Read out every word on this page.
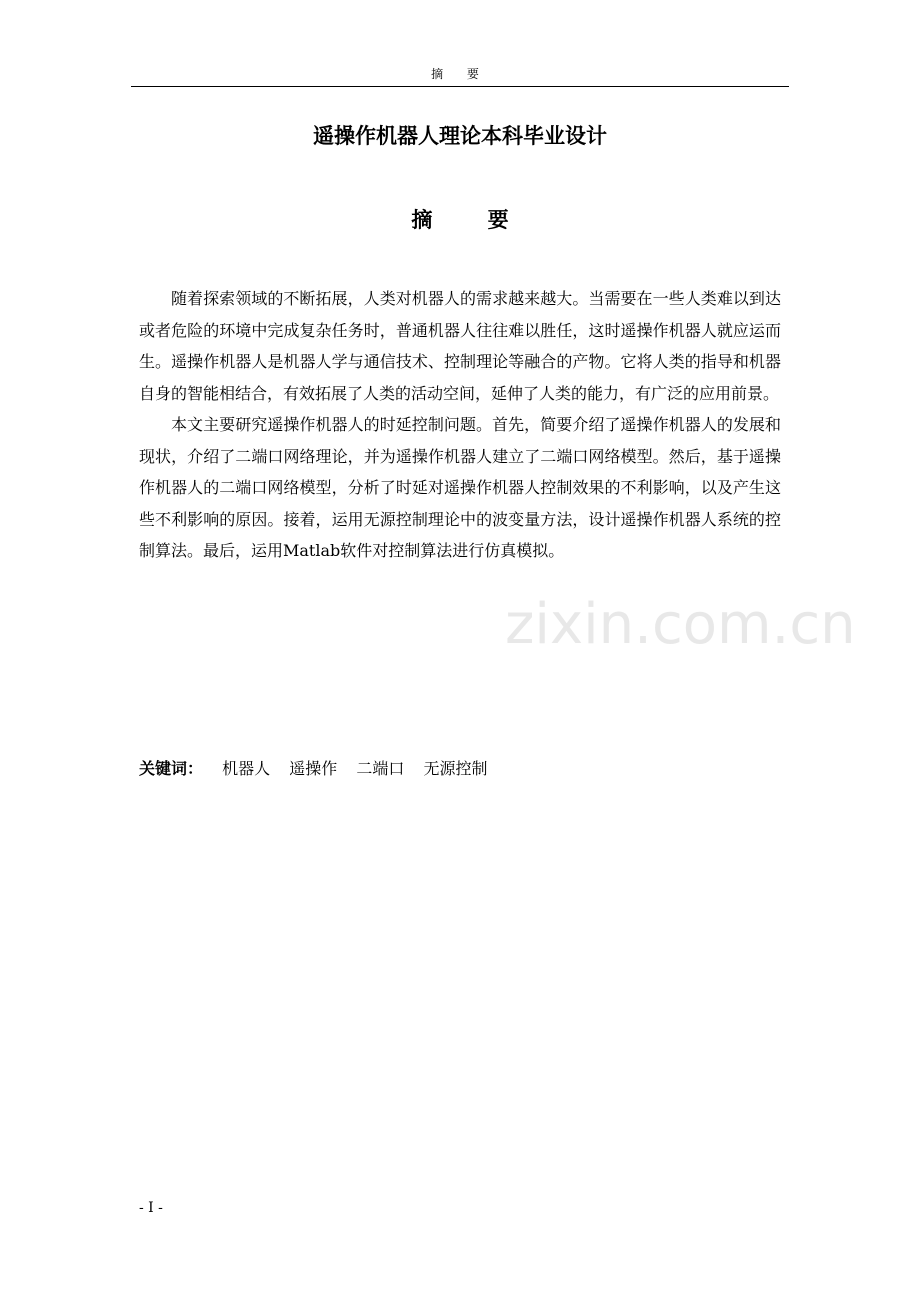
摘 要
遥操作机器人理论本科毕业设计
摘 要
zixin.com.cn

随着探索领域的不断拓展，人类对机器人的需求越来越大。当需要在一些人类难以到达或者危险的环境中完成复杂任务时，普通机器人往往难以胜任，这时遥操作机器人就应运而生。遥操作机器人是机器人学与通信技术、控制理论等融合的产物。它将人类的指导和机器自身的智能相结合，有效拓展了人类的活动空间，延伸了人类的能力，有广泛的应用前景。

本文主要研究遥操作机器人的时延控制问题。首先，简要介绍了遥操作机器人的发展和现状，介绍了二端口网络理论，并为遥操作机器人建立了二端口网络模型。然后，基于遥操作机器人的二端口网络模型，分析了时延对遥操作机器人控制效果的不利影响，以及产生这些不利影响的原因。接着，运用无源控制理论中的波变量方法，设计遥操作机器人系统的控制算法。最后，运用Matlab软件对控制算法进行仿真模拟。

关键词： 机器人 遥操作 二端口 无源控制
- I -
